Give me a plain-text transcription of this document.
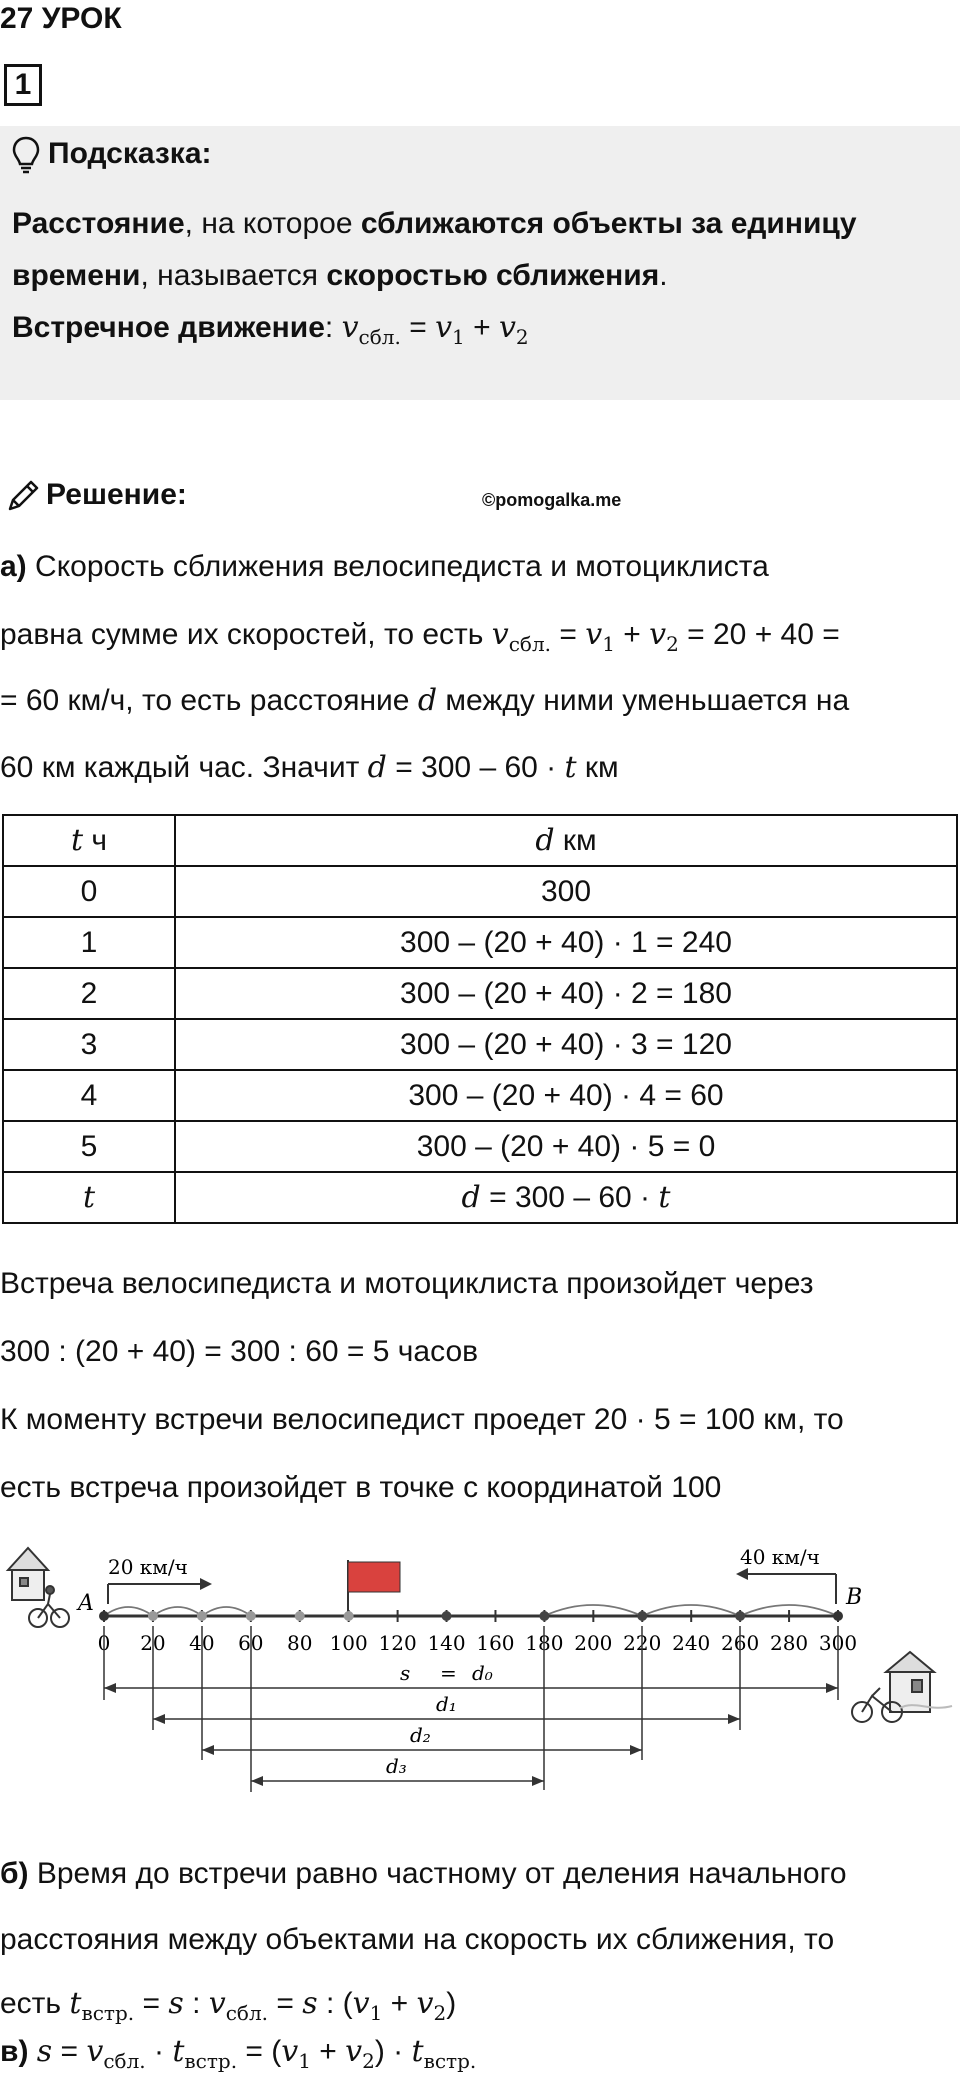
27 УРОК
1
Подсказка:
Расстояние, на которое сближаются объекты за единицу
времени, называется скоростью сближения.
Встречное движение: $v_{сбл.} = v_1 + v_2$
Решение:	©pomogalka.me
а) Скорость сближения велосипедиста и мотоциклиста
равна сумме их скоростей, то есть $v_{сбл.} = v_1 + v_2 = 20 + 40$ =
= 60 км/ч, то есть расстояние d между ними уменьшается на
60 км каждый час. Значит d = 300 – 60 · t км
t ч	d км
0	300
1	300 – (20 + 40) · 1 = 240
2	300 – (20 + 40) · 2 = 180
3	300 – (20 + 40) · 3 = 120
4	300 – (20 + 40) · 4 = 60
5	300 – (20 + 40) · 5 = 0
t	d = 300 – 60 · t
Встреча велосипедиста и мотоциклиста произойдет через
300 : (20 + 40) = 300 : 60 = 5 часов
К моменту встречи велосипедист проедет 20 · 5 = 100 км, то
есть встреча произойдет в точке с координатой 100
20 км/ч	40 км/ч
A	B
0 20 40 60 80 100 120 140 160 180 200 220 240 260 280 300
s = d₀
d₁
d₂
d₃
б) Время до встречи равно частному от деления начального
расстояния между объектами на скорость их сближения, то
есть $t_{встр.} = s$ : $v_{сбл.} = s$ : $(v_1 + v_2)$
в) $s = v_{сбл.} \cdot t_{встр.} = (v_1 + v_2) \cdot t_{встр.}$
